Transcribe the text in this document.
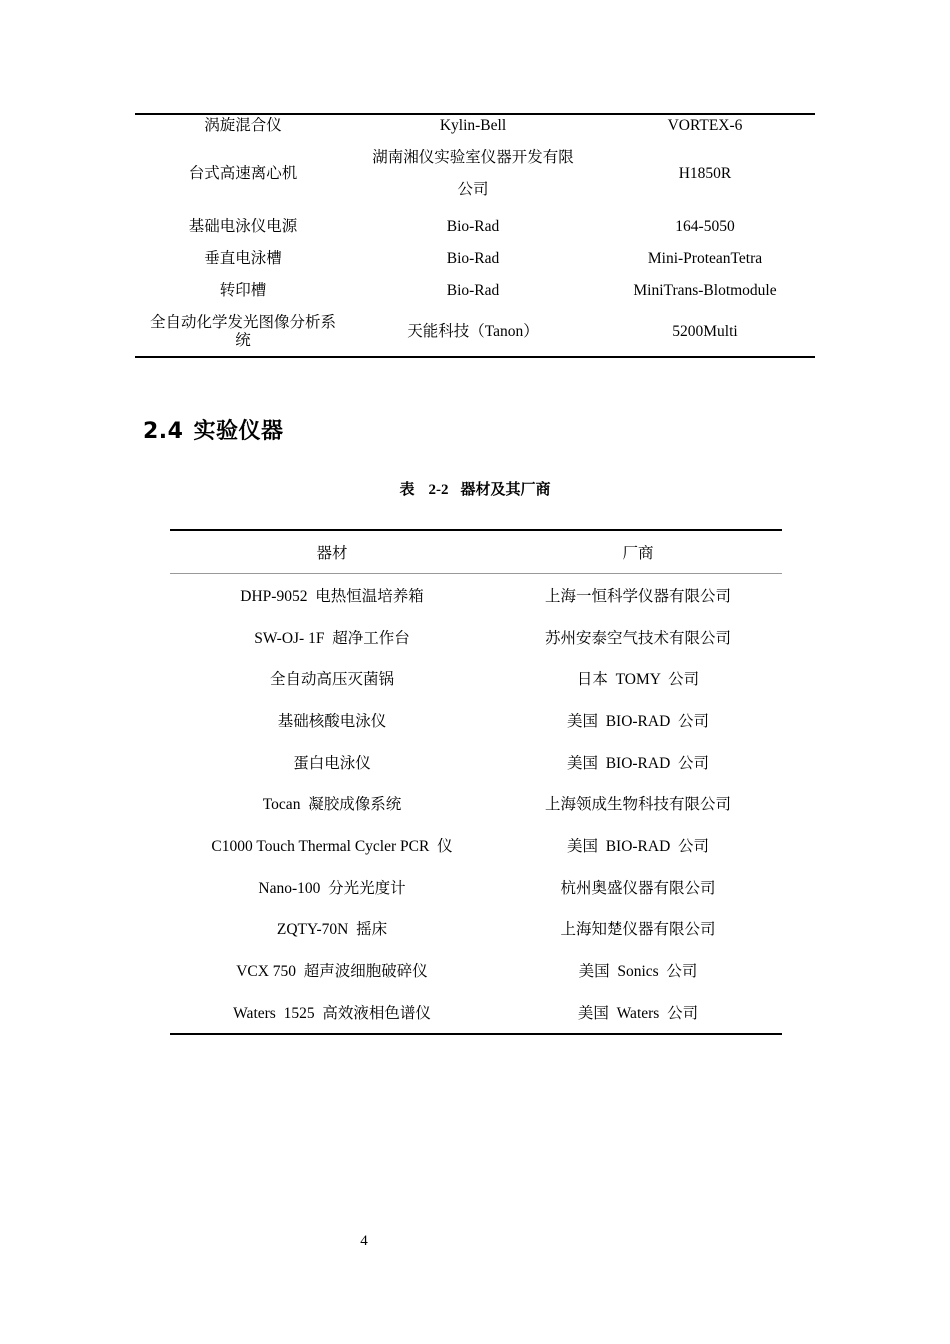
涡旋混合仪	Kylin-Bell	VORTEX-6
台式高速离心机	湖南湘仪实验室仪器开发有限公司	H1850R
基础电泳仪电源	Bio-Rad	164-5050
垂直电泳槽	Bio-Rad	Mini-ProteanTetra
转印槽	Bio-Rad	MiniTrans-Blotmodule

全自动化学发光图像分析系统	天能科技（Tanon）	5200Multi
2.4 实验仪器
表 2-2 器材及其厂商
器材	厂商
DHP-9052  电热恒温培养箱	上海一恒科学仪器有限公司
SW-OJ- 1F  超净工作台	苏州安泰空气技术有限公司
全自动高压灭菌锅	日本  TOMY  公司
基础核酸电泳仪	美国  BIO-RAD  公司
蛋白电泳仪	美国  BIO-RAD  公司
Tocan  凝胶成像系统	上海领成生物科技有限公司
C1000 Touch Thermal Cycler PCR  仪	美国  BIO-RAD  公司
Nano-100  分光光度计	杭州奥盛仪器有限公司
ZQTY-70N  摇床	上海知楚仪器有限公司
VCX 750  超声波细胞破碎仪	美国  Sonics  公司
Waters  1525  高效液相色谱仪	美国  Waters  公司
4
